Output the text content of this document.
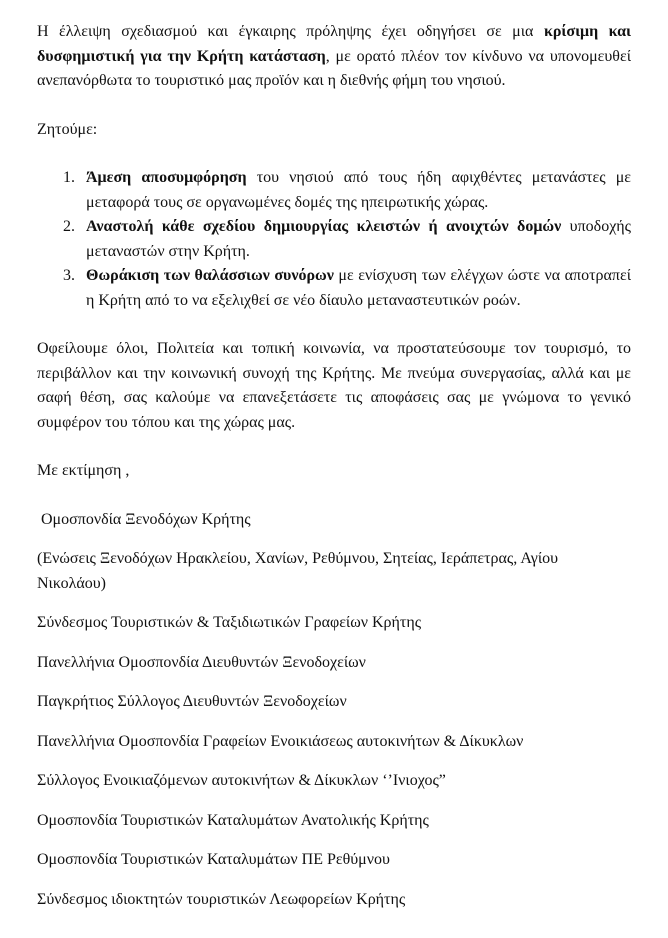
Η έλλειψη σχεδιασμού και έγκαιρης πρόληψης έχει οδηγήσει σε μια κρίσιμη και δυσφημιστική για την Κρήτη κατάσταση, με ορατό πλέον τον κίνδυνο να υπονομευθεί ανεπανόρθωτα το τουριστικό μας προϊόν και η διεθνής φήμη του νησιού.

Ζητούμε:

1. Άμεση αποσυμφόρηση του νησιού από τους ήδη αφιχθέντες μετανάστες με μεταφορά τους σε οργανωμένες δομές της ηπειρωτικής χώρας.
2. Αναστολή κάθε σχεδίου δημιουργίας κλειστών ή ανοιχτών δομών υποδοχής μεταναστών στην Κρήτη.
3. Θωράκιση των θαλάσσιων συνόρων με ενίσχυση των ελέγχων ώστε να αποτραπεί η Κρήτη από το να εξελιχθεί σε νέο δίαυλο μεταναστευτικών ροών.

Οφείλουμε όλοι, Πολιτεία και τοπική κοινωνία, να προστατεύσουμε τον τουρισμό, το περιβάλλον και την κοινωνική συνοχή της Κρήτης. Με πνεύμα συνεργασίας, αλλά και με σαφή θέση, σας καλούμε να επανεξετάσετε τις αποφάσεις σας με γνώμονα το γενικό συμφέρον του τόπου και της χώρας μας.

Με εκτίμηση ,

Ομοσπονδία Ξενοδόχων Κρήτης

(Ενώσεις Ξενοδόχων Ηρακλείου, Χανίων, Ρεθύμνου, Σητείας, Ιεράπετρας, Αγίου Νικολάου)

Σύνδεσμος Τουριστικών & Ταξιδιωτικών Γραφείων Κρήτης

Πανελλήνια Ομοσπονδία Διευθυντών Ξενοδοχείων

Παγκρήτιος Σύλλογος Διευθυντών Ξενοδοχείων

Πανελλήνια Ομοσπονδία Γραφείων Ενοικιάσεως αυτοκινήτων & Δίκυκλων

Σύλλογος Ενοικιαζόμενων αυτοκινήτων & Δίκυκλων ‘’Ινιοχος”

Ομοσπονδία Τουριστικών Καταλυμάτων Ανατολικής Κρήτης

Ομοσπονδία Τουριστικών Καταλυμάτων ΠΕ Ρεθύμνου

Σύνδεσμος ιδιοκτητών τουριστικών Λεωφορείων Κρήτης
